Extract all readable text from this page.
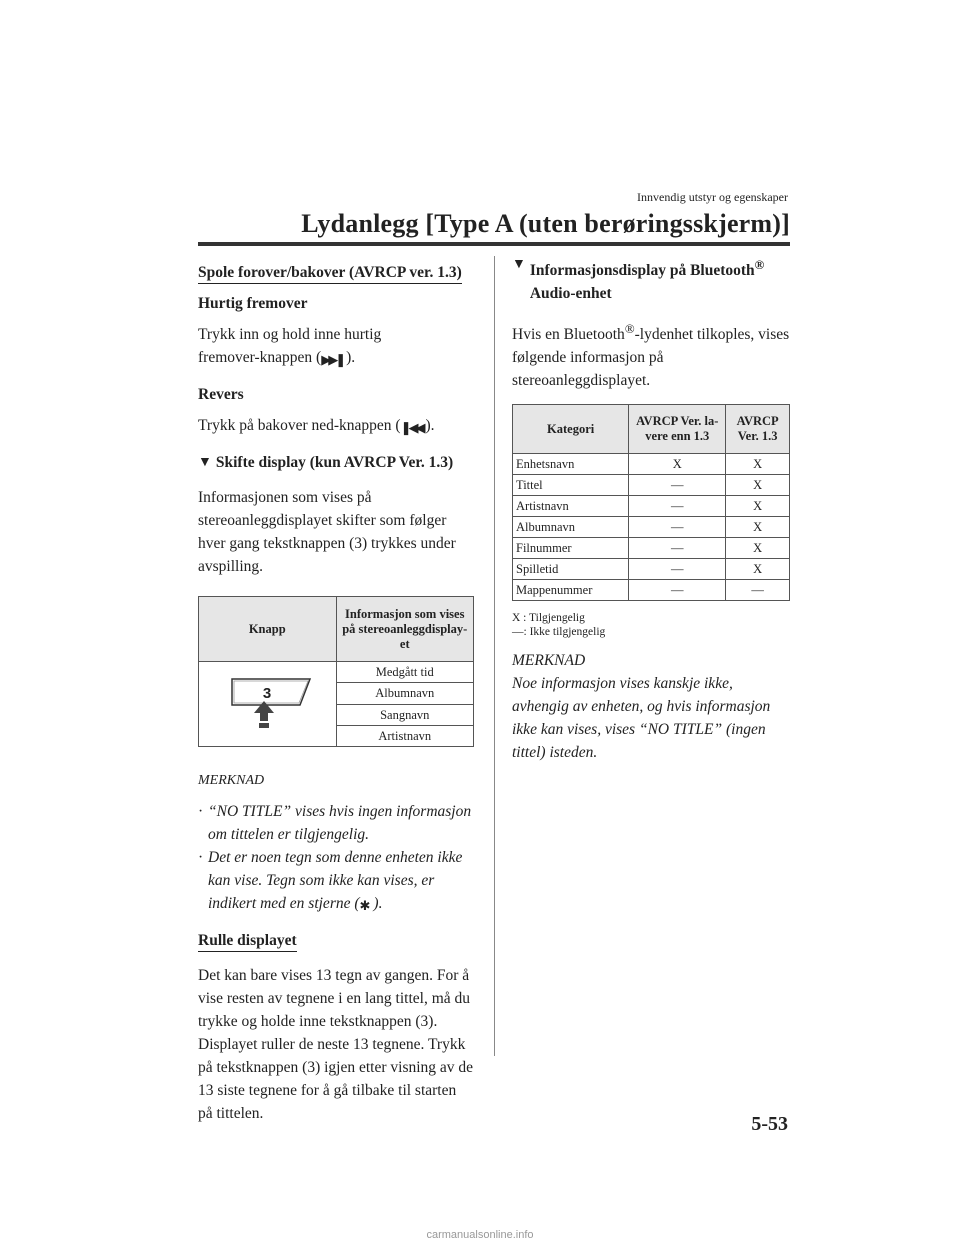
Innvendig utstyr og egenskaper
Lydanlegg [Type A (uten berøringsskjerm)]
Spole forover/bakover (AVRCP ver. 1.3)

Hurtig fremover

Trykk inn og hold inne hurtig
fremover-knappen (▶▶❚ ).

Revers

Trykk på bakover ned-knappen (❚◀◀ ).

▼ Skifte display (kun AVRCP Ver. 1.3)

Informasjonen som vises på stereoanleggdisplayet skifter som følger hver gang tekstknappen (3) trykkes under avspilling.

Knapp	Informasjon som vises på stereoanleggdisplay-et

3	Medgått tid
	Albumnavn
	Sangnavn
	Artistnavn

MERKNAD

· “NO TITLE” vises hvis ingen informasjon om tittelen er tilgjengelig.
· Det er noen tegn som denne enheten ikke kan vise. Tegn som ikke kan vises, er indikert med en stjerne (✱ ).
Rulle displayet

Det kan bare vises 13 tegn av gangen. For å vise resten av tegnene i en lang tittel, må du trykke og holde inne tekstknappen (3). Displayet ruller de neste 13 tegnene. Trykk på tekstknappen (3) igjen etter visning av de 13 siste tegnene for å gå tilbake til starten på tittelen.

▼ Informasjonsdisplay på Bluetooth®
Audio-enhet

Hvis en Bluetooth®-lydenhet tilkoples, vises følgende informasjon på stereoanleggdisplayet.

Kategori	AVRCP Ver. la-vere enn 1.3	AVRCP Ver. 1.3
Enhetsnavn	X	X
Tittel	—	X
Artistnavn	—	X
Albumnavn	—	X
Filnummer	—	X
Spilletid	—	X
Mappenummer	—	—
X : Tilgjengelig
—: Ikke tilgjengelig

MERKNAD

Noe informasjon vises kanskje ikke, avhengig av enheten, og hvis informasjon ikke kan vises, vises “NO TITLE” (ingen tittel) isteden.

5-53
carmanualsonline.info
